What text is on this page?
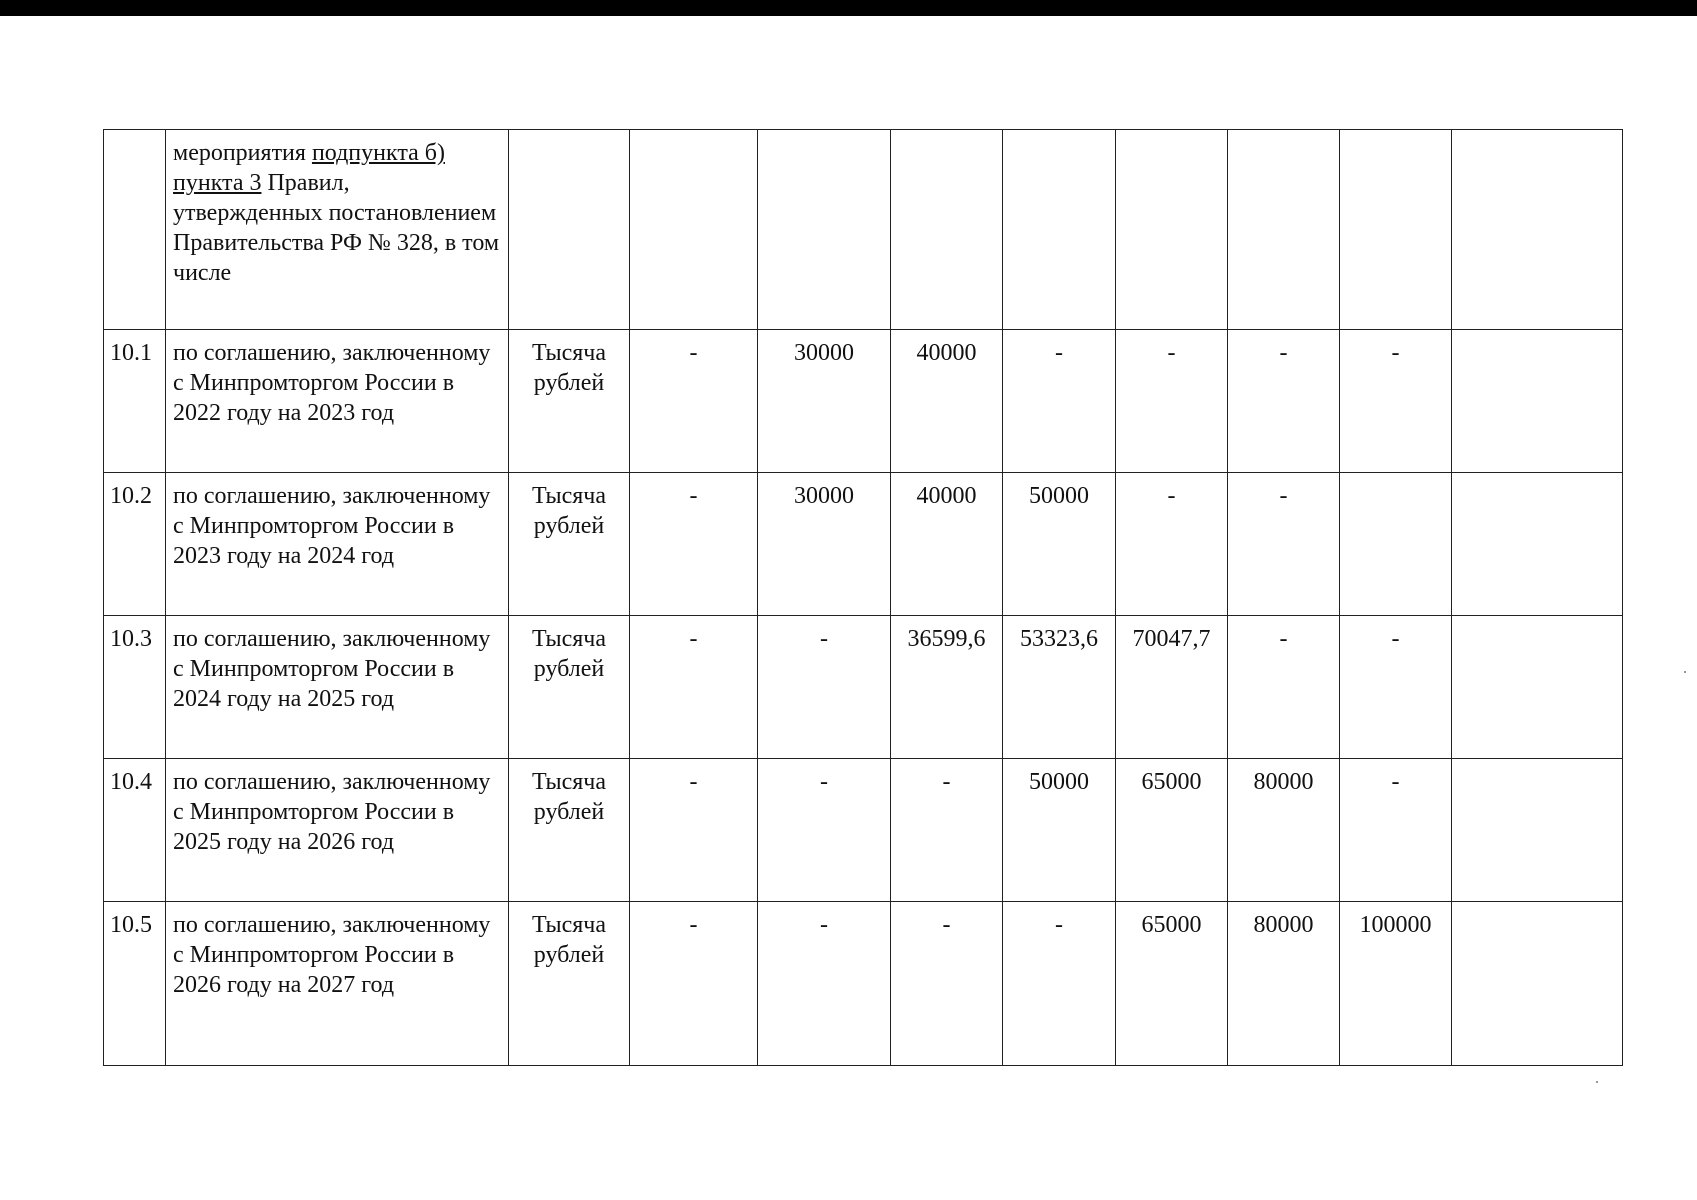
	мероприятия подпункта б) пункта 3 Правил, утвержденных постановлением Правительства РФ № 328, в том числе									
10.1	по соглашению, заключенному с Минпромторгом России в 2022 году на 2023 год	Тысяча рублей	-	30000	40000	-	-	-	-	
10.2	по соглашению, заключенному с Минпромторгом России в 2023 году на 2024 год	Тысяча рублей	-	30000	40000	50000	-	-		
10.3	по соглашению, заключенному с Минпромторгом России в 2024 году на 2025 год	Тысяча рублей	-	-	36599,6	53323,6	70047,7	-	-	
10.4	по соглашению, заключенному с Минпромторгом России в 2025 году на 2026 год	Тысяча рублей	-	-	-	50000	65000	80000	-	
10.5	по соглашению, заключенному с Минпромторгом России в 2026 году на 2027 год	Тысяча рублей	-	-	-	-	65000	80000	100000	
